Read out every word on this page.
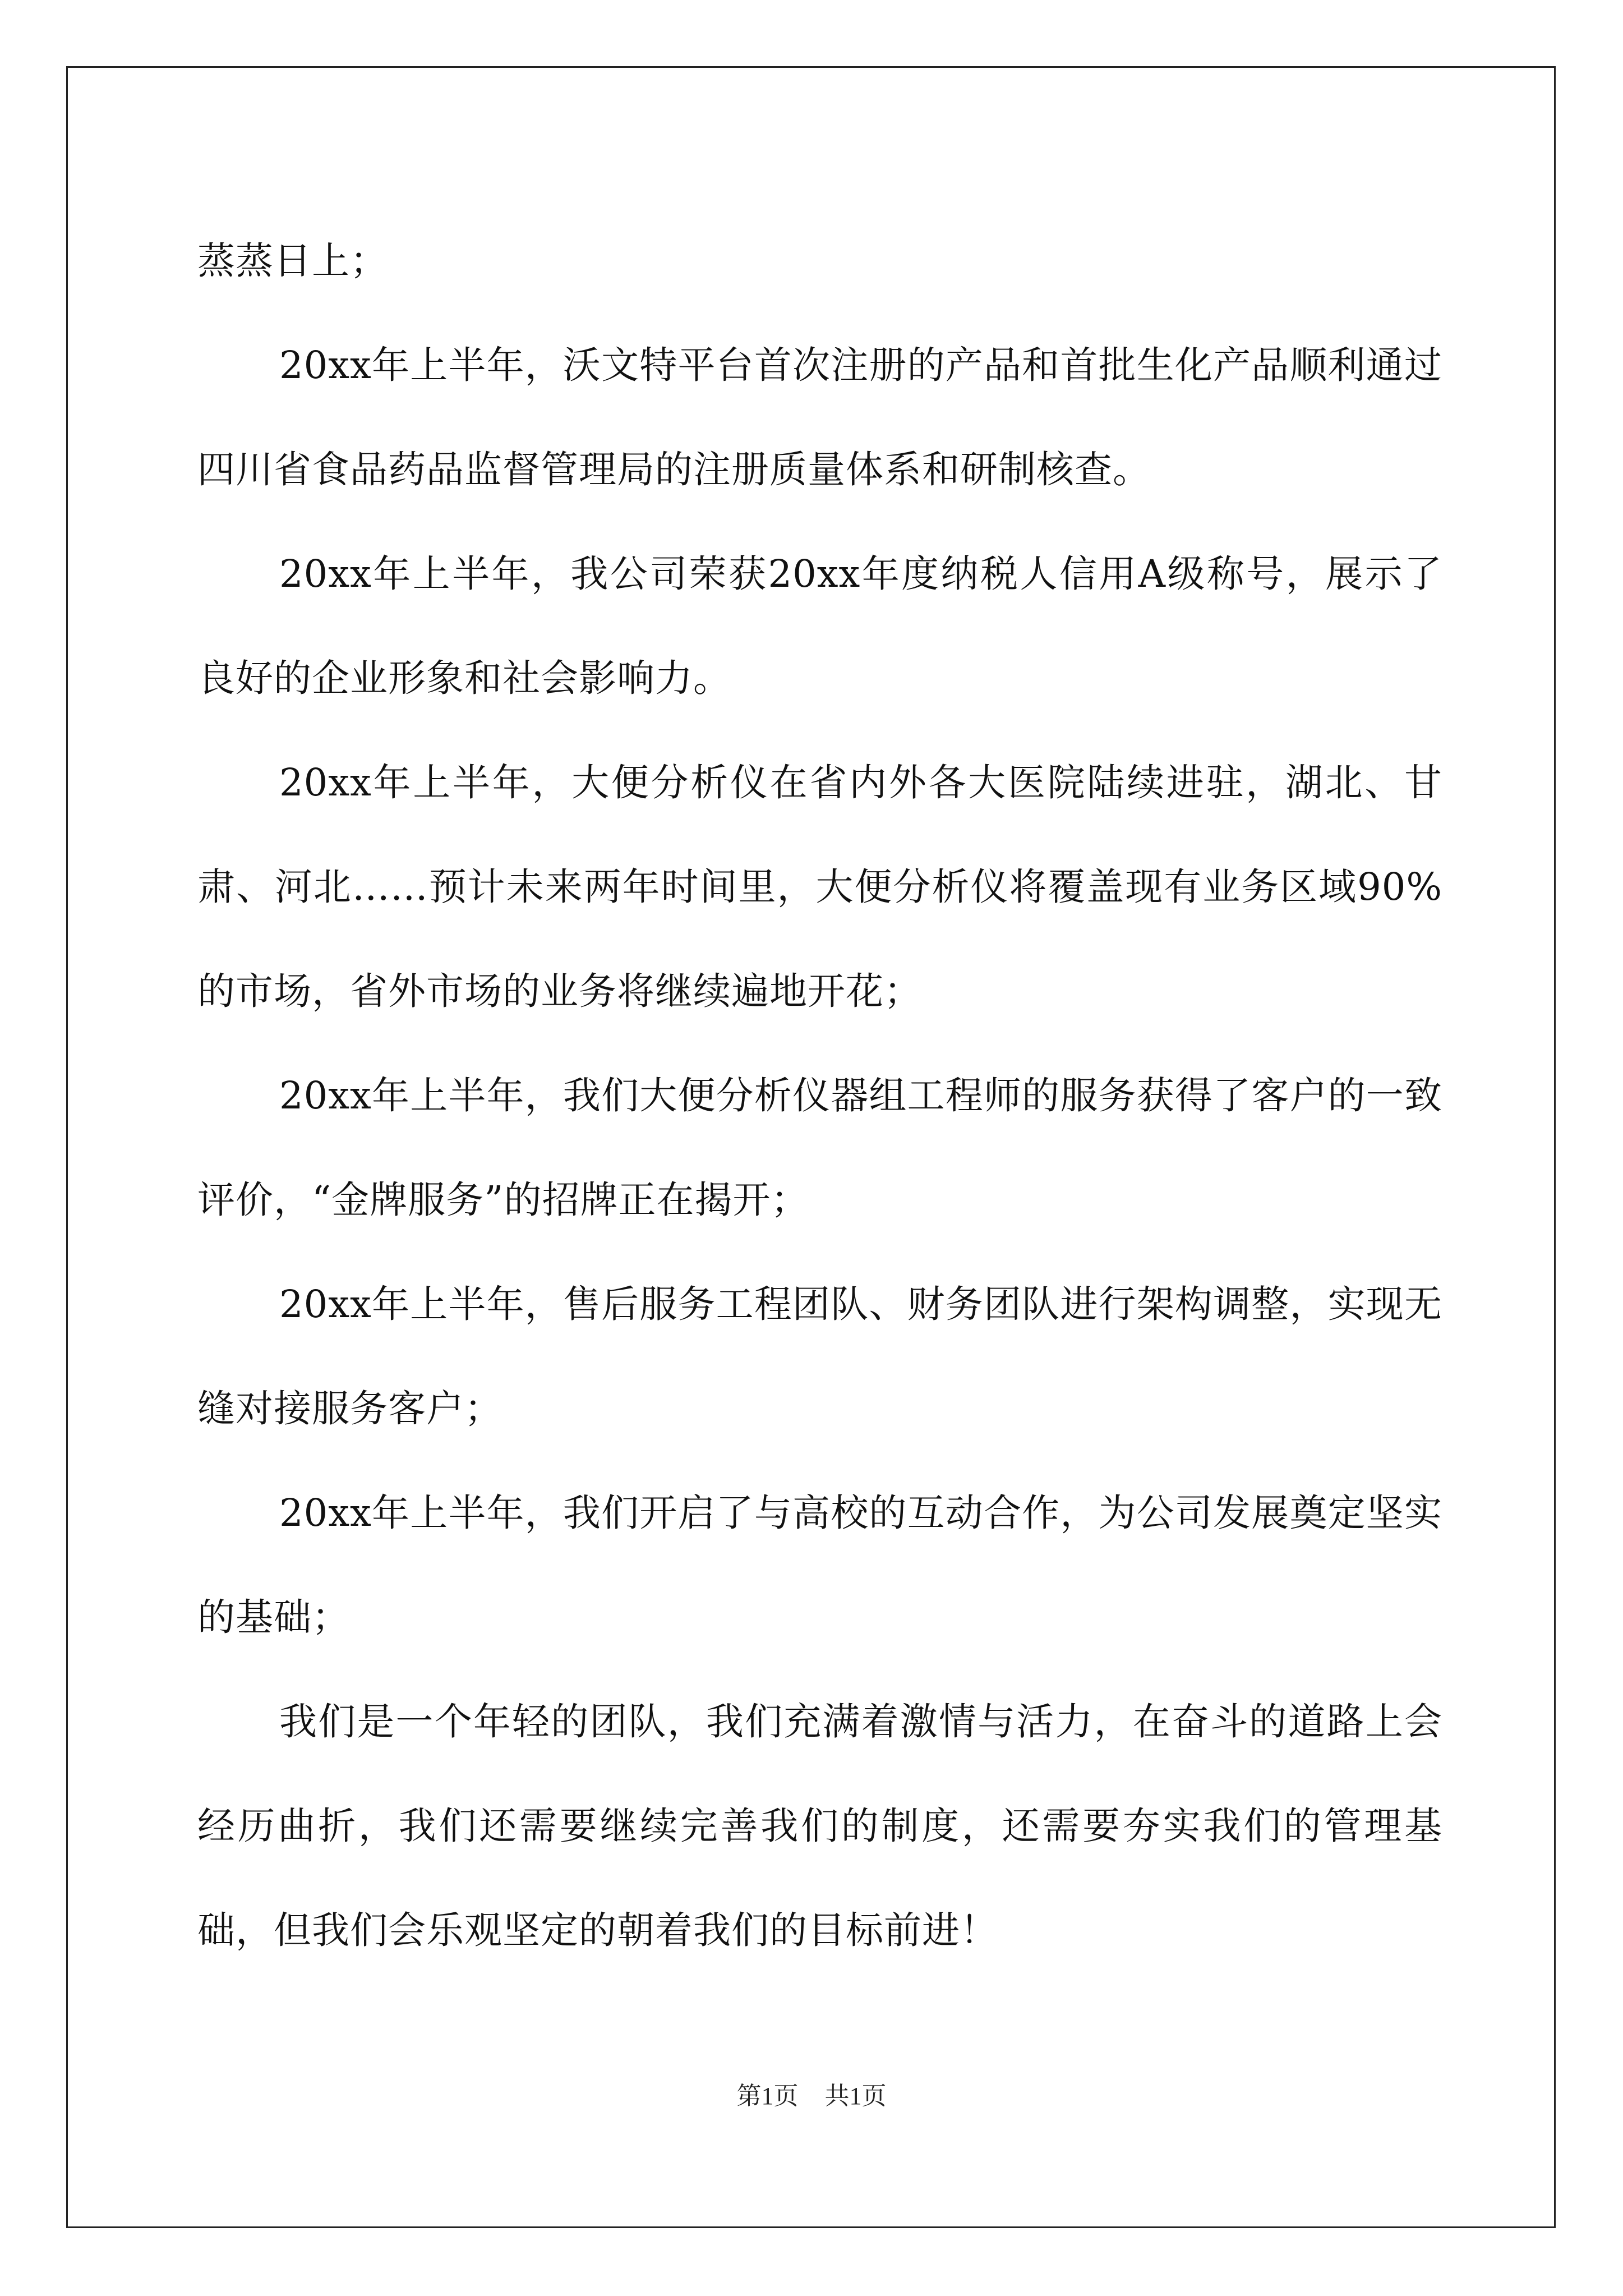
蒸蒸日上；

20xx年上半年，沃文特平台首次注册的产品和首批生化产品顺利通过四川省食品药品监督管理局的注册质量体系和研制核查。

20xx年上半年，我公司荣获20xx年度纳税人信用A级称号，展示了良好的企业形象和社会影响力。

20xx年上半年，大便分析仪在省内外各大医院陆续进驻，湖北、甘肃、河北……预计未来两年时间里，大便分析仪将覆盖现有业务区域90%的市场，省外市场的业务将继续遍地开花；

20xx年上半年，我们大便分析仪器组工程师的服务获得了客户的一致评价，“金牌服务”的招牌正在揭开；

20xx年上半年，售后服务工程团队、财务团队进行架构调整，实现无缝对接服务客户；

20xx年上半年，我们开启了与高校的互动合作，为公司发展奠定坚实的基础；

我们是一个年轻的团队，我们充满着激情与活力，在奋斗的道路上会经历曲折，我们还需要继续完善我们的制度，还需要夯实我们的管理基础，但我们会乐观坚定的朝着我们的目标前进！

第1页 共1页
